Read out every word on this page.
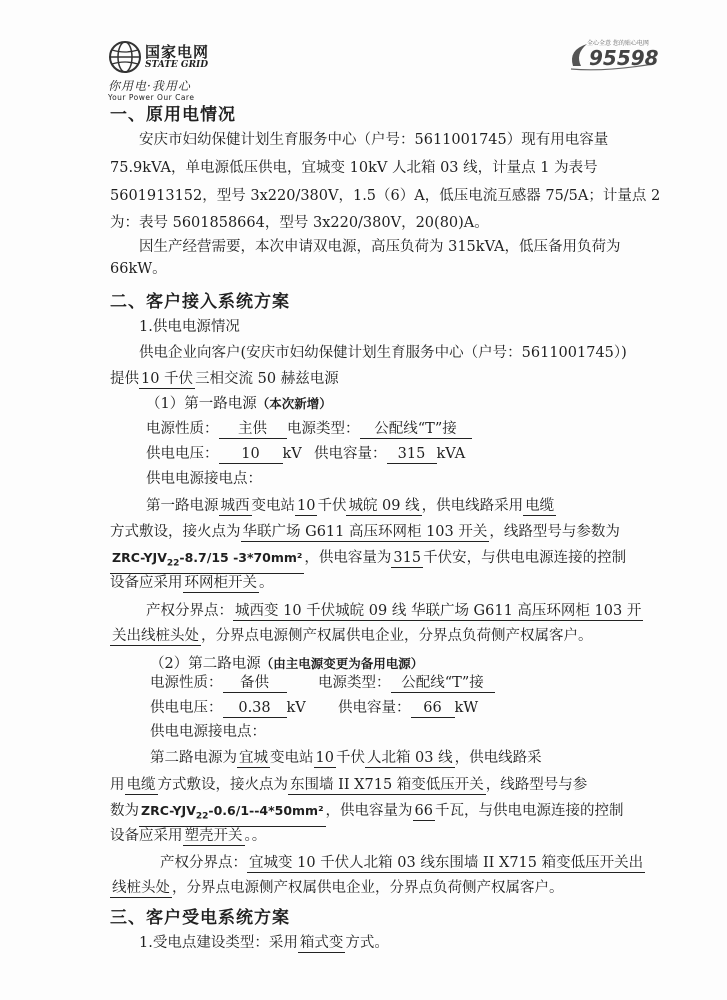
国家电网
STATE GRID
你用电·我用心
Your Power Our Care
全心全意 您的贴心电网
95598
一、原用电情况
安庆市妇幼保健计划生育服务中心（户号：5611001745）现有用电容量
75.9kVA，单电源低压供电，宜城变 10kV 人北箱 03 线，计量点 1 为表号
5601913152，型号 3x220/380V，1.5（6）A，低压电流互感器 75/5A；计量点 2
为：表号 5601858664，型号 3x220/380V，20(80)A。
因生产经营需要，本次申请双电源，高压负荷为 315kVA，低压备用负荷为
66kW。
二、客户接入系统方案
1.供电电源情况
供电企业向客户(安庆市妇幼保健计划生育服务中心（户号：5611001745）)
提供 10 千伏 三相交流 50 赫兹电源
（1）第一路电源（本次新增）
电源性质： 主供	电源类型： 公配线“T”接
供电电压： 10 kV 供电容量： 315 kVA
供电电源接电点：
第一路电源 城西 变电站 10 千伏 城皖 09 线 ，供电线路采用 电缆
方式敷设，接火点为 华联广场 G611 高压环网柜 103 开关 ，线路型号与参数为
ZRC-$YJV_{22}-8.7/15$ -3*70mm² ，供电容量为 315 千伏安，与供电电源连接的控制
设备应采用 环网柜开关 。
产权分界点： 城西变 10 千伏城皖 09 线 华联广场 G611 高压环网柜 103 开
关出线桩头处 ，分界点电源侧产权属供电企业，分界点负荷侧产权属客户。
（2）第二路电源（由主电源变更为备用电源）
电源性质： 备供	电源类型： 公配线“T”接
供电电压： 0.38 kV 供电容量： 66 kW
供电电源接电点：
第二路电源为 宜城 变电站 10 千伏 人北箱 03 线 ，供电线路采
用 电缆 方式敷设，接火点为 东围墙 II X715 箱变低压开关 ，线路型号与参
数为 ZRC-$YJV_{22}-0.6/1--4*50mm^2$ ，供电容量为 66 千瓦，与供电电源连接的控制
设备应采用 塑壳开关 。。
产权分界点： 宜城变 10 千伏人北箱 03 线东围墙 II X715 箱变低压开关出
线桩头处 ，分界点电源侧产权属供电企业，分界点负荷侧产权属客户。
三、客户受电系统方案
1.受电点建设类型：采用 箱式变 方式。
